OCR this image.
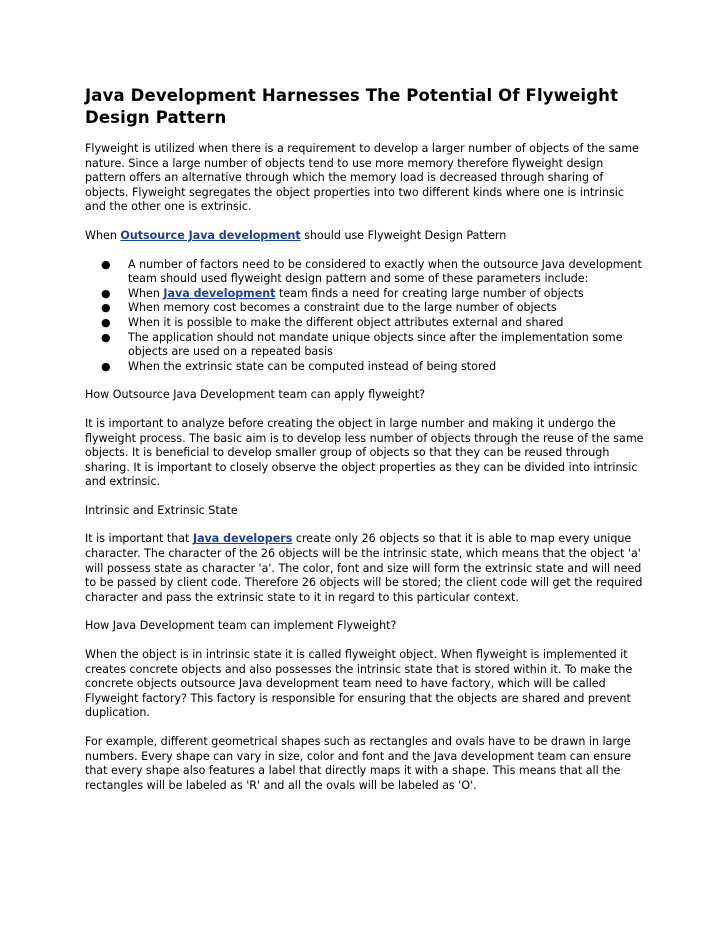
Java Development Harnesses The Potential Of Flyweight Design Pattern

Flyweight is utilized when there is a requirement to develop a larger number of objects of the same nature. Since a large number of objects tend to use more memory therefore flyweight design pattern offers an alternative through which the memory load is decreased through sharing of objects. Flyweight segregates the object properties into two different kinds where one is intrinsic and the other one is extrinsic.

When Outsource Java development should use Flyweight Design Pattern

● A number of factors need to be considered to exactly when the outsource Java development team should used flyweight design pattern and some of these parameters include:
● When Java development team finds a need for creating large number of objects
● When memory cost becomes a constraint due to the large number of objects
● When it is possible to make the different object attributes external and shared
● The application should not mandate unique objects since after the implementation some objects are used on a repeated basis
● When the extrinsic state can be computed instead of being stored

How Outsource Java Development team can apply flyweight?

It is important to analyze before creating the object in large number and making it undergo the flyweight process. The basic aim is to develop less number of objects through the reuse of the same objects. It is beneficial to develop smaller group of objects so that they can be reused through sharing. It is important to closely observe the object properties as they can be divided into intrinsic and extrinsic.

Intrinsic and Extrinsic State

It is important that Java developers create only 26 objects so that it is able to map every unique character. The character of the 26 objects will be the intrinsic state, which means that the object 'a' will possess state as character 'a'. The color, font and size will form the extrinsic state and will need to be passed by client code. Therefore 26 objects will be stored; the client code will get the required character and pass the extrinsic state to it in regard to this particular context.

How Java Development team can implement Flyweight?

When the object is in intrinsic state it is called flyweight object. When flyweight is implemented it creates concrete objects and also possesses the intrinsic state that is stored within it. To make the concrete objects outsource Java development team need to have factory, which will be called Flyweight factory? This factory is responsible for ensuring that the objects are shared and prevent duplication.

For example, different geometrical shapes such as rectangles and ovals have to be drawn in large numbers. Every shape can vary in size, color and font and the Java development team can ensure that every shape also features a label that directly maps it with a shape. This means that all the rectangles will be labeled as 'R' and all the ovals will be labeled as 'O'.
